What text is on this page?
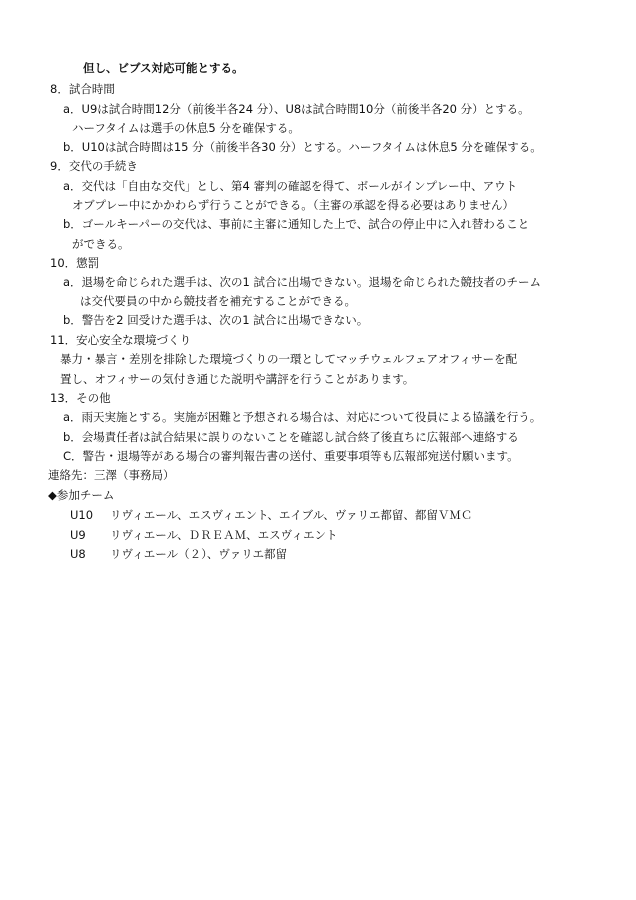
但し、ビブス対応可能とする。
8．試合時間
a．U9は試合時間12分（前後半各24 分）、U8は試合時間10分（前後半各20 分）とする。
ハーフタイムは選手の休息5 分を確保する。
b．U10は試合時間は15 分（前後半各30 分）とする。ハーフタイムは休息5 分を確保する。
9．交代の手続き
a．交代は「自由な交代」とし、第4 審判の確認を得て、ボールがインプレー中、アウト
オブプレー中にかかわらず行うことができる。（主審の承認を得る必要はありません）
b．ゴールキーパーの交代は、事前に主審に通知した上で、試合の停止中に入れ替わること
ができる。
10．懲罰
a．退場を命じられた選手は、次の1 試合に出場できない。退場を命じられた競技者のチーム
は交代要員の中から競技者を補充することができる。
b．警告を2 回受けた選手は、次の1 試合に出場できない。
11．安心安全な環境づくり
暴力・暴言・差別を排除した環境づくりの一環としてマッチウェルフェアオフィサーを配
置し、オフィサーの気付き通じた説明や講評を行うことがあります。
13．その他
a．雨天実施とする。実施が困難と予想される場合は、対応について役員による協議を行う。
b．会場責任者は試合結果に誤りのないことを確認し試合終了後直ちに広報部へ連絡する
C．警告・退場等がある場合の審判報告書の送付、重要事項等も広報部宛送付願います。
連絡先：三澤（事務局）
◆参加チーム
U10 リヴィエール、エスヴィエント、エイブル、ヴァリエ都留、都留ＶＭＣ
U9 リヴィエール、ＤＲＥＡＭ、エスヴィエント
U8 リヴィエール（２）、ヴァリエ都留
